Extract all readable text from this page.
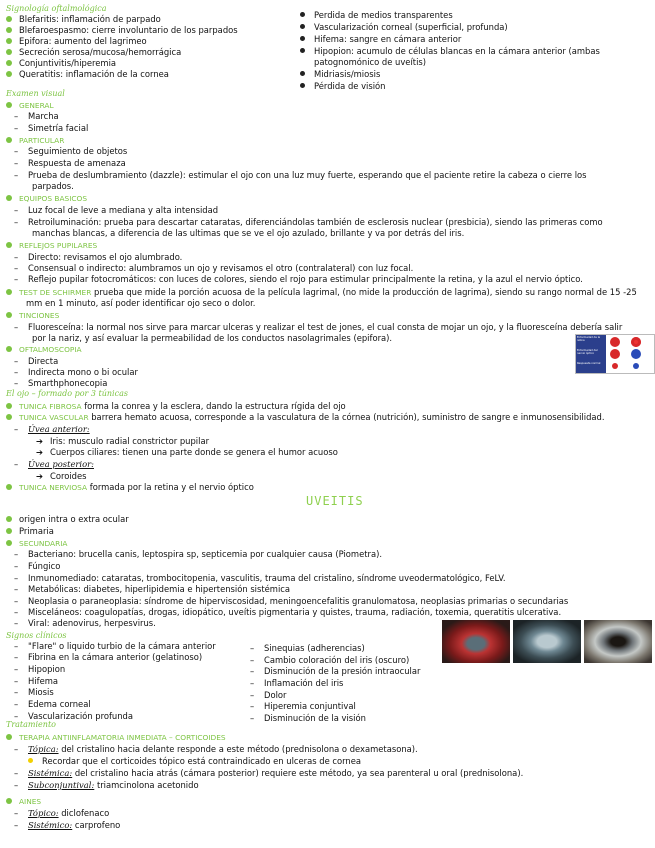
Signología oftalmológica
Blefaritis: inflamación de parpado
Blefaroespasmo: cierre involuntario de los parpados
Epifora: aumento del lagrimeo
Secreción serosa/mucosa/hemorrágica
Conjuntivitis/hiperemia
Queratitis: inflamación de la cornea
Perdida de medios transparentes
Vascularización corneal (superficial, profunda)
Hifema: sangre en cámara anterior
Hipopion: acumulo de células blancas en la cámara anterior (ambas
patognomónico de uveítis)
Midriasis/miosis
Pérdida de visión
Examen visual
GENERAL
– Marcha
– Simetría facial
PARTICULAR
– Seguimiento de objetos
– Respuesta de amenaza
– Prueba de deslumbramiento (dazzle): estimular el ojo con una luz muy fuerte, esperando que el paciente retire la cabeza o cierre los
parpados.
EQUIPOS BASICOS
– Luz focal de leve a mediana y alta intensidad
– Retroiluminación: prueba para descartar cataratas, diferenciándolas también de esclerosis nuclear (presbicia), siendo las primeras como
manchas blancas, a diferencia de las ultimas que se ve el ojo azulado, brillante y va por detrás del iris.
REFLEJOS PUPILARES
– Directo: revisamos el ojo alumbrado.
– Consensual o indirecto: alumbramos un ojo y revisamos el otro (contralateral) con luz focal.
– Reflejo pupilar fotocromáticos: con luces de colores, siendo el rojo para estimular principalmente la retina, y la azul el nervio óptico.
TEST DE SCHIRMER prueba que mide la porción acuosa de la película lagrimal, (no mide la producción de lagrima), siendo su rango normal de 15 -25
mm en 1 minuto, así poder identificar ojo seco o dolor.
TINCIONES
– Fluoresceína: la normal nos sirve para marcar ulceras y realizar el test de jones, el cual consta de mojar un ojo, y la fluoresceína debería salir
por la nariz, y así evaluar la permeabilidad de los conductos nasolagrimales (epifora).
OFTALMOSCOPIA
– Directa
– Indirecta mono o bi ocular
– Smarthphonecopia
Enfermedad de la retina
Enfermedad del nervio óptico
Respuesta normal
El ojo – formado por 3 túnicas
TUNICA FIBROSA forma la conrea y la esclera, dando la estructura rígida del ojo
TUNICA VASCULAR barrera hemato acuosa, corresponde a la vasculatura de la córnea (nutrición), suministro de sangre e inmunosensibilidad.
– Úvea anterior:
➔ Iris: musculo radial constrictor pupilar
➔ Cuerpos ciliares: tienen una parte donde se genera el humor acuoso
– Úvea posterior:
➔ Coroides
TUNICA NERVIOSA formada por la retina y el nervio óptico
UVEITIS
origen intra o extra ocular
Primaria
SECUNDARIA
– Bacteriano: brucella canis, leptospira sp, septicemia por cualquier causa (Piometra).
– Fúngico
– Inmunomediado: cataratas, trombocitopenia, vasculitis, trauma del cristalino, síndrome uveodermatológico, FeLV.
– Metabólicas: diabetes, hiperlipidemia e hipertensión sistémica
– Neoplasia o paraneoplasia: síndrome de hiperviscosidad, meningoencefalitis granulomatosa, neoplasias primarias o secundarias
– Misceláneos: coagulopatías, drogas, idiopático, uveítis pigmentaria y quistes, trauma, radiación, toxemia, queratitis ulcerativa.
– Viral: adenovirus, herpesvirus.
Signos clínicos
– "Flare" o liquido turbio de la cámara anterior
– Fibrina en la cámara anterior (gelatinoso)
– Hipopion
– Hifema
– Miosis
– Edema corneal
– Vascularización profunda
– Sinequias (adherencias)
– Cambio coloración del iris (oscuro)
– Disminución de la presión intraocular
– Inflamación del iris
– Dolor
– Hiperemia conjuntival
– Disminución de la visión
Tratamiento
TERAPIA ANTIINFLAMATORIA INMEDIATA – CORTICOIDES
– Tópica: del cristalino hacia delante responde a este método (prednisolona o dexametasona).
Recordar que el corticoides tópico está contraindicado en ulceras de cornea
– Sistémica: del cristalino hacia atrás (cámara posterior) requiere este método, ya sea parenteral u oral (prednisolona).
– Subconjuntival: triamcinolona acetonido
AINES
– Tópico: diclofenaco
– Sistémico: carprofeno
